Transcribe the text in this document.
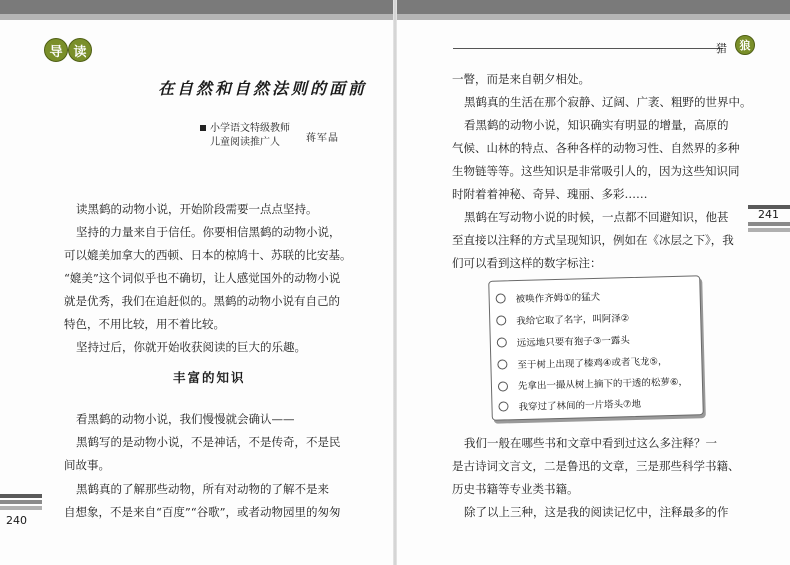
导 读
在自然和自然法则的面前
小学语文特级教师
儿童阅读推广人	蒋军晶
读黑鹤的动物小说，开始阶段需要一点点坚持。
坚持的力量来自于信任。你要相信黑鹤的动物小说，
可以媲美加拿大的西顿、日本的椋鸠十、苏联的比安基。
“媲美”这个词似乎也不确切，让人感觉国外的动物小说
就是优秀，我们在追赶似的。黑鹤的动物小说有自己的
特色，不用比较，用不着比较。
坚持过后，你就开始收获阅读的巨大的乐趣。
丰富的知识
看黑鹤的动物小说，我们慢慢就会确认——
黑鹤写的是动物小说，不是神话，不是传奇，不是民
间故事。
黑鹤真的了解那些动物，所有对动物的了解不是来
自想象，不是来自“百度”“谷歌”，或者动物园里的匆匆
240
猎	狼
一瞥，而是来自朝夕相处。
黑鹤真的生活在那个寂静、辽阔、广袤、粗野的世界中。
看黑鹤的动物小说，知识确实有明显的增量，高原的
气候、山林的特点、各种各样的动物习性、自然界的多种
生物链等等。这些知识是非常吸引人的，因为这些知识同
时附着着神秘、奇异、瑰丽、多彩……
黑鹤在写动物小说的时候，一点都不回避知识，他甚
至直接以注释的方式呈现知识，例如在《冰层之下》，我
们可以看到这样的数字标注：
241
被唤作齐姆①的猛犬
我给它取了名字，叫阿泽②
远远地只要有狍子③一露头
至于树上出现了榛鸡④或者飞龙⑤，
先拿出一撮从树上摘下的干透的松萝⑥，
我穿过了林间的一片塔头⑦地
我们一般在哪些书和文章中看到过这么多注释？一
是古诗词文言文，二是鲁迅的文章，三是那些科学书籍、
历史书籍等专业类书籍。
除了以上三种，这是我的阅读记忆中，注释最多的作
